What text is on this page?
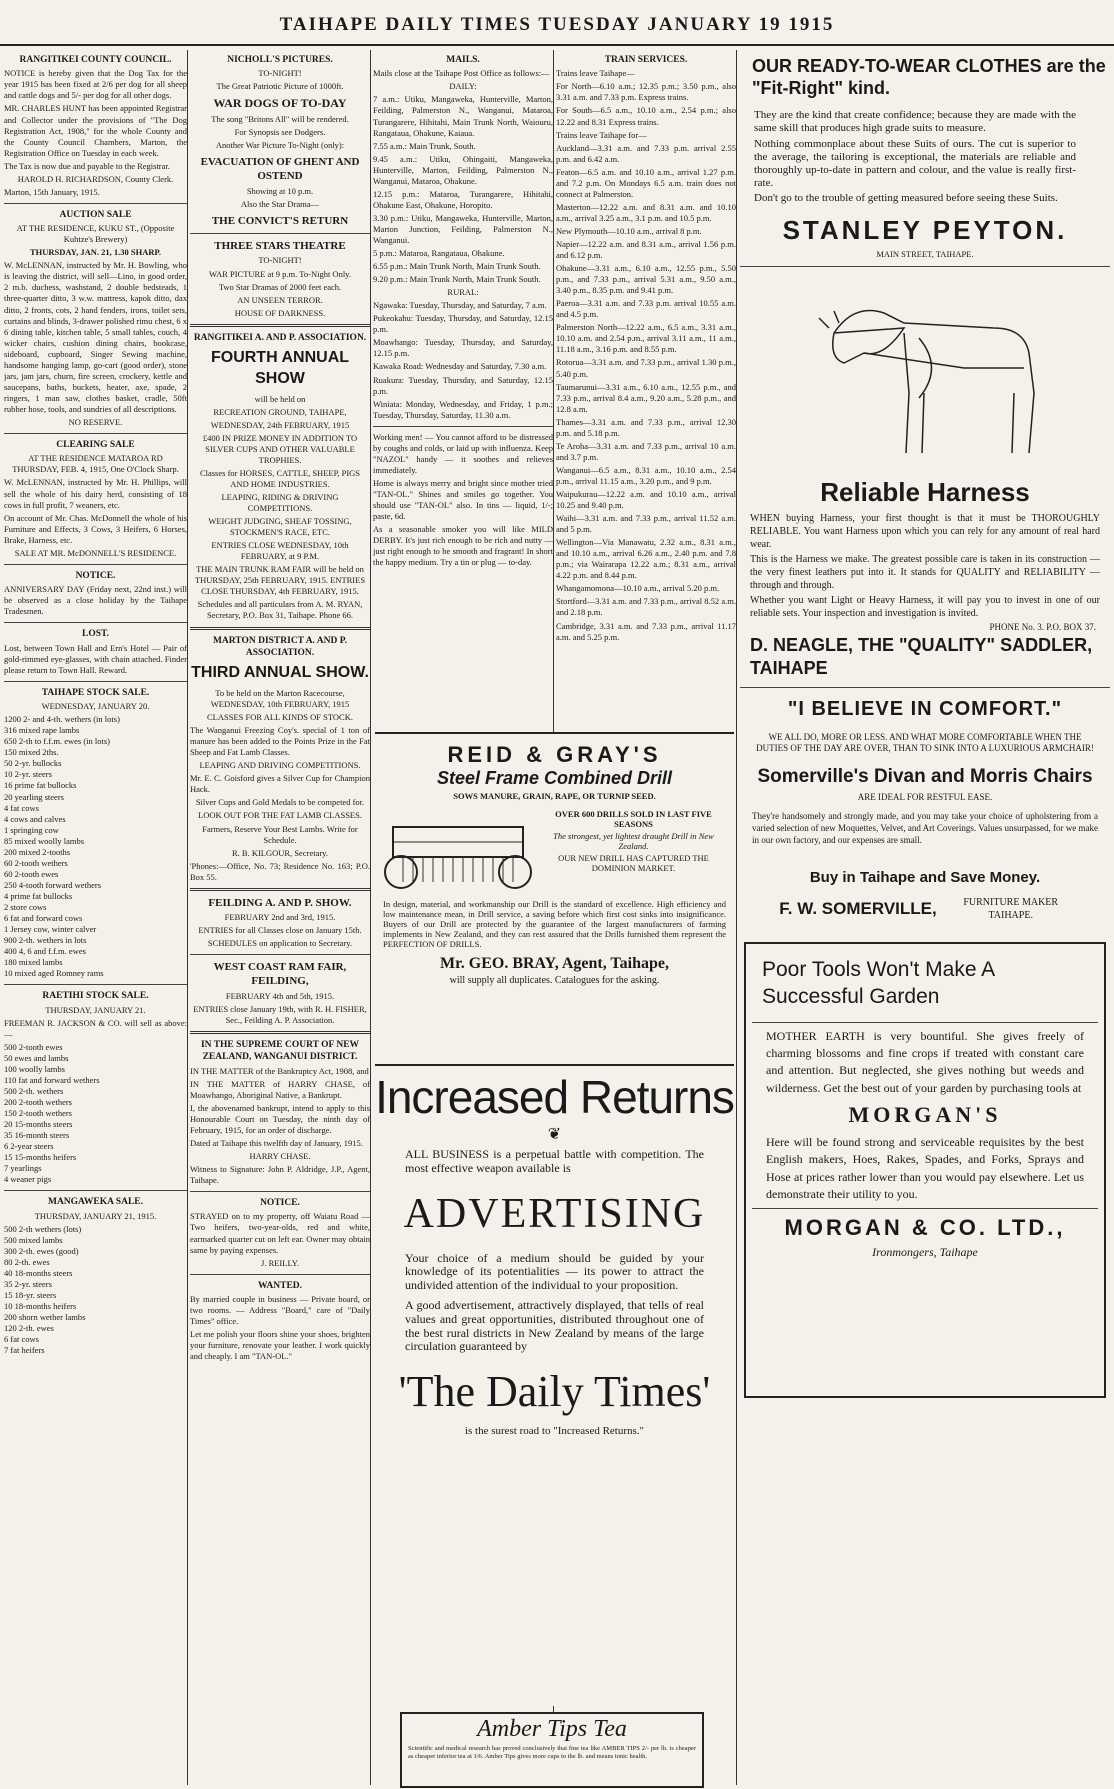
TAIHAPE DAILY TIMES TUESDAY JANUARY 19 1915
RANGITIKEI COUNTY COUNCIL.

NOTICE is hereby given that the Dog Tax for the year 1915 has been fixed at 2/6 per dog for all sheep and cattle dogs and 5/- per dog for all other dogs.

MR. CHARLES HUNT has been appointed Registrar and Collector under the provisions of "The Dog Registration Act, 1908," for the whole County and the County Council Chambers, Marton, the Registration Office on Tuesday in each week.

The Tax is now due and payable to the Registrar.

HAROLD H. RICHARDSON, County Clerk.

Marton, 15th January, 1915.

AUCTION SALE

AT THE RESIDENCE, KUKU ST., (Opposite Kuhtze's Brewery)

THURSDAY, JAN. 21, 1.30 SHARP.

W. McLENNAN, instructed by Mr. H. Bowling, who is leaving the district, will sell—Lino, in good order, 2 m.b. duchess, washstand, 2 double bedsteads, 1 three-quarter ditto, 3 w.w. mattress, kapok ditto, dax ditto, 2 fronts, cots, 2 hand fenders, irons, toilet sets, curtains and blinds, 3-drawer polished rimu chest, 6 x 6 dining table, kitchen table, 5 small tables, couch, 4 wicker chairs, cushion dining chairs, bookcase, sideboard, cupboard, Singer Sewing machine, handsome hanging lamp, go-cart (good order), stone jars, jam jars, churn, fire screen, crockery, kettle and saucepans, baths, buckets, heater, axe, spade, 2 ringers, 1 man saw, clothes basket, cradle, 50ft rubber hose, tools, and sundries of all descriptions.

NO RESERVE.

CLEARING SALE

AT THE RESIDENCE MATAROA RD THURSDAY, FEB. 4, 1915, One O'Clock Sharp.

W. McLENNAN, instructed by Mr. H. Phillips, will sell the whole of his dairy herd, consisting of 18 cows in full profit, 7 weaners, etc.

On account of Mr. Chas. McDonnell the whole of his Furniture and Effects, 3 Cows, 3 Heifers, 6 Horses, Brake, Harness, etc.

SALE AT MR. McDONNELL'S RESIDENCE.

NOTICE.

ANNIVERSARY DAY (Friday next, 22nd inst.) will be observed as a close holiday by the Taihape Tradesmen.

LOST.

Lost, between Town Hall and Ern's Hotel — Pair of gold-rimmed eye-glasses, with chain attached. Finder please return to Town Hall. Reward.

TAIHAPE STOCK SALE.

WEDNESDAY, JANUARY 20.

1200 2- and 4-th. wethers (in lots)
316 mixed rape lambs
650 2-th to f.f.m. ewes (in lots)
150 mixed 2ths.
50 2-yr. bullocks
10 2-yr. steers
16 prime fat bullocks
20 yearling steers
4 fat cows
4 cows and calves
1 springing cow
85 mixed woolly lambs
200 mixed 2-tooths
60 2-tooth wethers
60 2-tooth ewes
250 4-tooth forward wethers
4 prime fat bullocks
2 store cows
6 fat and forward cows
1 Jersey cow, winter calver
900 2-th. wethers in lots
400 4, 6 and f.f.m. ewes
180 mixed lambs
10 mixed aged Romney rams
RAETIHI STOCK SALE.

THURSDAY, JANUARY 21.

FREEMAN R. JACKSON & CO. will sell as above:—

500 2-tooth ewes
50 ewes and lambs
100 woolly lambs
110 fat and forward wethers
500 2-th. wethers
200 2-tooth wethers
150 2-tooth wethers
20 15-months steers
35 16-month steers
6 2-year steers
15 15-months heifers
7 yearlings
4 weaner pigs
MANGAWEKA SALE.

THURSDAY, JANUARY 21, 1915.

500 2-th wethers (lots)
500 mixed lambs
300 2-th. ewes (good)
80 2-th. ewes
40 18-months steers
35 2-yr. steers
15 18-yr. steers
10 18-months heifers
200 shorn wether lambs
120 2-th. ewes
6 fat cows
7 fat heifers
NICHOLL'S PICTURES.

TO-NIGHT!

The Great Patriotic Picture of 1000ft.

WAR DOGS OF TO-DAY

The song "Britons All" will be rendered.

For Synopsis see Dodgers.

Another War Picture To-Night (only):

EVACUATION OF GHENT AND OSTEND

Showing at 10 p.m.

Also the Star Drama—

THE CONVICT'S RETURN
THREE STARS THEATRE

TO-NIGHT!

WAR PICTURE at 9 p.m. To-Night Only.

Two Star Dramas of 2000 feet each.

AN UNSEEN TERROR.

HOUSE OF DARKNESS.

RANGITIKEI A. AND P. ASSOCIATION.
FOURTH ANNUAL SHOW

will be held on

RECREATION GROUND, TAIHAPE,

WEDNESDAY, 24th FEBRUARY, 1915

£400 IN PRIZE MONEY IN ADDITION TO SILVER CUPS AND OTHER VALUABLE TROPHIES.

Classes for HORSES, CATTLE, SHEEP, PIGS AND HOME INDUSTRIES.

LEAPING, RIDING & DRIVING COMPETITIONS.

WEIGHT JUDGING, SHEAF TOSSING, STOCKMEN'S RACE, ETC.

ENTRIES CLOSE WEDNESDAY, 10th FEBRUARY, at 9 P.M.

THE MAIN TRUNK RAM FAIR will be held on THURSDAY, 25th FEBRUARY, 1915. ENTRIES CLOSE THURSDAY, 4th FEBRUARY, 1915.

Schedules and all particulars from A. M. RYAN, Secretary, P.O. Box 31, Taihape. Phone 66.

MARTON DISTRICT A. AND P. ASSOCIATION.
THIRD ANNUAL SHOW.

To be held on the Marton Racecourse, WEDNESDAY, 10th FEBRUARY, 1915

CLASSES FOR ALL KINDS OF STOCK.

The Wanganui Freezing Coy's. special of 1 ton of manure has been added to the Points Prize in the Fat Sheep and Fat Lamb Classes.

LEAPING AND DRIVING COMPETITIONS.

Mr. E. C. Goisford gives a Silver Cup for Champion Hack.

Silver Cups and Gold Medals to be competed for.

LOOK OUT FOR THE FAT LAMB CLASSES.

Farmers, Reserve Your Best Lambs. Write for Schedule.

R. B. KILGOUR, Secretary.

'Phones:—Office, No. 73; Residence No. 163; P.O. Box 55.

FEILDING A. AND P. SHOW.

FEBRUARY 2nd and 3rd, 1915.

ENTRIES for all Classes close on January 15th.

SCHEDULES on application to Secretary.

WEST COAST RAM FAIR, FEILDING,

FEBRUARY 4th and 5th, 1915.

ENTRIES close January 19th, with R. H. FISHER, Sec., Feilding A. P. Association.

IN THE SUPREME COURT OF NEW ZEALAND, WANGANUI DISTRICT.

IN THE MATTER of the Bankruptcy Act, 1908, and

IN THE MATTER of HARRY CHASE, of Moawhango, Aboriginal Native, a Bankrupt.

I, the abovenamed bankrupt, intend to apply to this Honourable Court on Tuesday, the ninth day of February, 1915, for an order of discharge.

Dated at Taihape this twelfth day of January, 1915.

HARRY CHASE.

Witness to Signature: John P. Aldridge, J.P., Agent, Taihape.

NOTICE.

STRAYED on to my property, off Waiatu Road — Two heifers, two-year-olds, red and white, earmarked quarter cut on left ear. Owner may obtain same by paying expenses.

J. REILLY.

WANTED.

By married couple in business — Private board, or two rooms. — Address "Board," care of "Daily Times" office.

Let me polish your floors shine your shoes, brighten your furniture, renovate your leather. I work quickly and cheaply. I am "TAN-OL."

MAILS.

Mails close at the Taihape Post Office as follows:—

DAILY:

7 a.m.: Utiku, Mangaweka, Hunterville, Marton, Feilding, Palmerston N., Wanganui, Mataroa, Turangarere, Hihitahi, Main Trunk North, Waiouru, Rangataua, Ohakune, Kaiaua.

7.55 a.m.: Main Trunk, South.

9.45 a.m.: Utiku, Ohingaiti, Mangaweka, Hunterville, Marton, Feilding, Palmerston N., Wanganui, Mataroa, Ohakune.

12.15 p.m.: Mataroa, Turangarere, Hihitahi, Ohakune East, Ohakune, Horopito.

3.30 p.m.: Utiku, Mangaweka, Hunterville, Marton, Marton Junction, Feilding, Palmerston N., Wanganui.

5 p.m.: Mataroa, Rangataua, Ohakune.

6.55 p.m.: Main Trunk North, Main Trunk South.

9.20 p.m.: Main Trunk North, Main Trunk South.

RURAL:

Ngawaka: Tuesday, Thursday, and Saturday, 7 a.m.

Pukeokahu: Tuesday, Thursday, and Saturday, 12.15 p.m.

Moawhango: Tuesday, Thursday, and Saturday, 12.15 p.m.

Kawaka Road: Wednesday and Saturday, 7.30 a.m.

Ruakura: Tuesday, Thursday, and Saturday, 12.15 p.m.

Winiata: Monday, Wednesday, and Friday, 1 p.m.; Tuesday, Thursday, Saturday, 11.30 a.m.

Working men! — You cannot afford to be distressed by coughs and colds, or laid up with influenza. Keep "NAZOL" handy — it soothes and relieves immediately.

Home is always merry and bright since mother tried "TAN-OL." Shines and smiles go together. You should use "TAN-OL" also. In tins — liquid, 1/-; paste, 6d.

As a seasonable smoker you will like MILD DERBY. It's just rich enough to be rich and nutty — just right enough to be smooth and fragrant! In short the happy medium. Try a tin or plug — to-day.

TRAIN SERVICES.

Trains leave Taihape—

For North—6.10 a.m.; 12.35 p.m.; 3.50 p.m., also 3.31 a.m. and 7.33 p.m. Express trains.

For South—6.5 a.m., 10.10 a.m., 2.54 p.m.; also 12.22 and 8.31 Express trains.

Trains leave Taihape for—

Auckland—3.31 a.m. and 7.33 p.m. arrival 2.55 p.m. and 6.42 a.m.

Featon—6.5 a.m. and 10.10 a.m., arrival 1.27 p.m. and 7.2 p.m. On Mondays 6.5 a.m. train does not connect at Palmerston.

Masterton—12.22 a.m. and 8.31 a.m. and 10.10 a.m., arrival 3.25 a.m., 3.1 p.m. and 10.5 p.m.

New Plymouth—10.10 a.m., arrival 8 p.m.

Napier—12.22 a.m. and 8.31 a.m., arrival 1.56 p.m. and 6.12 p.m.

Ohakune—3.31 a.m., 6.10 a.m., 12.55 p.m., 5.50 p.m., and 7.33 p.m., arrival 5.31 a.m., 9.50 a.m., 3.40 p.m., 8.35 p.m. and 9.41 p.m.

Paeroa—3.31 a.m. and 7.33 p.m. arrival 10.55 a.m. and 4.5 p.m.

Palmerston North—12.22 a.m., 6.5 a.m., 3.31 a.m., 10.10 a.m. and 2.54 p.m., arrival 3.11 a.m., 11 a.m., 11.18 a.m., 3.16 p.m. and 8.55 p.m.

Rotorua—3.31 a.m. and 7.33 p.m., arrival 1.30 p.m., 5.40 p.m.

Taumarunui—3.31 a.m., 6.10 a.m., 12.55 p.m., and 7.33 p.m., arrival 8.4 a.m., 9.20 a.m., 5.28 p.m., and 12.8 a.m.

Thames—3.31 a.m. and 7.33 p.m., arrival 12.30 p.m. and 5.18 p.m.

Te Aroha—3.31 a.m. and 7.33 p.m., arrival 10 a.m. and 3.7 p.m.

Wanganui—6.5 a.m., 8.31 a.m., 10.10 a.m., 2.54 p.m., arrival 11.15 a.m., 3.20 p.m., and 9 p.m.

Waipukurau—12.22 a.m. and 10.10 a.m., arrival 10.25 and 9.40 p.m.

Waihi—3.31 a.m. and 7.33 p.m., arrival 11.52 a.m. and 5 p.m.

Wellington—Via Manawatu, 2.32 a.m., 8.31 a.m., and 10.10 a.m., arrival 6.26 a.m., 2.40 p.m. and 7.8 p.m.; via Wairarapa 12.22 a.m.; 8.31 a.m., arrival 4.22 p.m. and 8.44 p.m.

Whangamomona—10.10 a.m., arrival 5.20 p.m.

Stortford—3.31 a.m. and 7.33 p.m., arrival 8.52 a.m. and 2.18 p.m.

Cambridge, 3.31 a.m. and 7.33 p.m., arrival 11.17 a.m. and 5.25 p.m.

REID & GRAY'S
Steel Frame Combined Drill
SOWS MANURE, GRAIN, RAPE, OR TURNIP SEED.

OVER 600 DRILLS SOLD IN LAST FIVE SEASONS

The strongest, yet lightest draught Drill in New Zealand.

OUR NEW DRILL HAS CAPTURED THE DOMINION MARKET.

In design, material, and workmanship our Drill is the standard of excellence. High efficiency and low maintenance mean, in Drill service, a saving before which first cost sinks into insignificance. Buyers of our Drill are protected by the guarantee of the largest manufacturers of farming implements in New Zealand, and they can rest assured that the Drills furnished them represent the PERFECTION OF DRILLS.

Mr. GEO. BRAY, Agent, Taihape,
will supply all duplicates. Catalogues for the asking.
Increased Returns
❦

ALL BUSINESS is a perpetual battle with competition. The most effective weapon available is

ADVERTISING

Your choice of a medium should be guided by your knowledge of its potentialities — its power to attract the undivided attention of the individual to your proposition.

A good advertisement, attractively displayed, that tells of real values and great opportunities, distributed throughout one of the best rural districts in New Zealand by means of the large circulation guaranteed by

'The Daily Times'

is the surest road to "Increased Returns."

Amber Tips Tea

Scientific and medical research has proved conclusively that fine tea like AMBER TIPS 2/- per lb. is cheaper as cheaper inferior tea at 1/6. Amber Tips gives more cups to the lb. and means tonic health.

OUR READY-TO-WEAR CLOTHES are the "Fit-Right" kind.

They are the kind that create confidence; because they are made with the same skill that produces high grade suits to measure.

Nothing commonplace about these Suits of ours. The cut is superior to the average, the tailoring is exceptional, the materials are reliable and thoroughly up-to-date in pattern and colour, and the value is really first-rate.

Don't go to the trouble of getting measured before seeing these Suits.

STANLEY PEYTON.
MAIN STREET, TAIHAPE.
Reliable Harness

WHEN buying Harness, your first thought is that it must be THOROUGHLY RELIABLE. You want Harness upon which you can rely for any amount of real hard wear.

This is the Harness we make. The greatest possible care is taken in its construction — the very finest leathers put into it. It stands for QUALITY and RELIABILITY — through and through.

Whether you want Light or Heavy Harness, it will pay you to invest in one of our reliable sets. Your inspection and investigation is invited.

PHONE No. 3. P.O. BOX 37.
D. NEAGLE, THE "QUALITY" SADDLER, TAIHAPE
"I BELIEVE IN COMFORT."

WE ALL DO, MORE OR LESS. AND WHAT MORE COMFORTABLE WHEN THE DUTIES OF THE DAY ARE OVER, THAN TO SINK INTO A LUXURIOUS ARMCHAIR!

Somerville's Divan and Morris Chairs

ARE IDEAL FOR RESTFUL EASE.

They're handsomely and strongly made, and you may take your choice of upholstering from a varied selection of new Moquettes, Velvet, and Art Coverings. Values unsurpassed, for we make in our own factory, and our expenses are small.

Buy in Taihape and Save Money.
F. W. SOMERVILLE,	FURNITURE MAKER TAIHAPE.
Poor Tools Won't Make A Successful Garden

MOTHER EARTH is very bountiful. She gives freely of charming blossoms and fine crops if treated with constant care and attention. But neglected, she gives nothing but weeds and wilderness. Get the best out of your garden by purchasing tools at

MORGAN'S

Here will be found strong and serviceable requisites by the best English makers, Hoes, Rakes, Spades, and Forks, Sprays and Hose at prices rather lower than you would pay elsewhere. Let us demonstrate their utility to you.

MORGAN & CO. LTD.,
Ironmongers, Taihape
